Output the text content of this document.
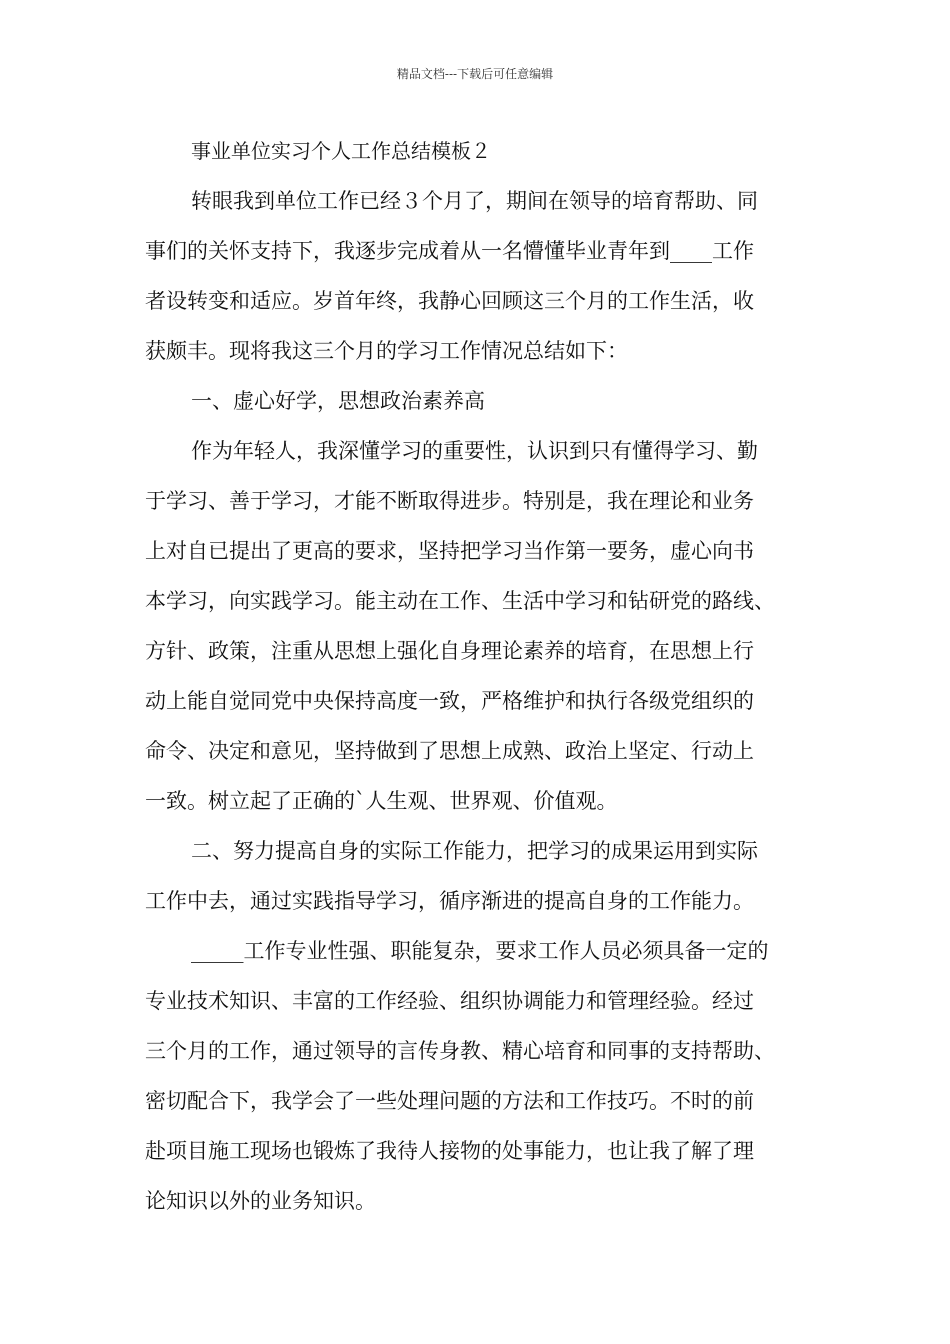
精品文档---下载后可任意编辑
事业单位实习个人工作总结模板２
转眼我到单位工作已经３个月了，期间在领导的培育帮助、同
事们的关怀支持下，我逐步完成着从一名懵懂毕业青年到____工作
者设转变和适应。岁首年终，我静心回顾这三个月的工作生活，收
获颇丰。现将我这三个月的学习工作情况总结如下：
一、虚心好学，思想政治素养高
作为年轻人，我深懂学习的重要性，认识到只有懂得学习、勤
于学习、善于学习，才能不断取得进步。特别是，我在理论和业务
上对自已提出了更高的要求，坚持把学习当作第一要务，虚心向书
本学习，向实践学习。能主动在工作、生活中学习和钻研党的路线、
方针、政策，注重从思想上强化自身理论素养的培育，在思想上行
动上能自觉同党中央保持高度一致，严格维护和执行各级党组织的
命令、决定和意见，坚持做到了思想上成熟、政治上坚定、行动上
一致。树立起了正确的`人生观、世界观、价值观。
二、努力提高自身的实际工作能力，把学习的成果运用到实际
工作中去，通过实践指导学习，循序渐进的提高自身的工作能力。
_____工作专业性强、职能复杂，要求工作人员必须具备一定的
专业技术知识、丰富的工作经验、组织协调能力和管理经验。经过
三个月的工作，通过领导的言传身教、精心培育和同事的支持帮助、
密切配合下，我学会了一些处理问题的方法和工作技巧。不时的前
赴项目施工现场也锻炼了我待人接物的处事能力，也让我了解了理
论知识以外的业务知识。
